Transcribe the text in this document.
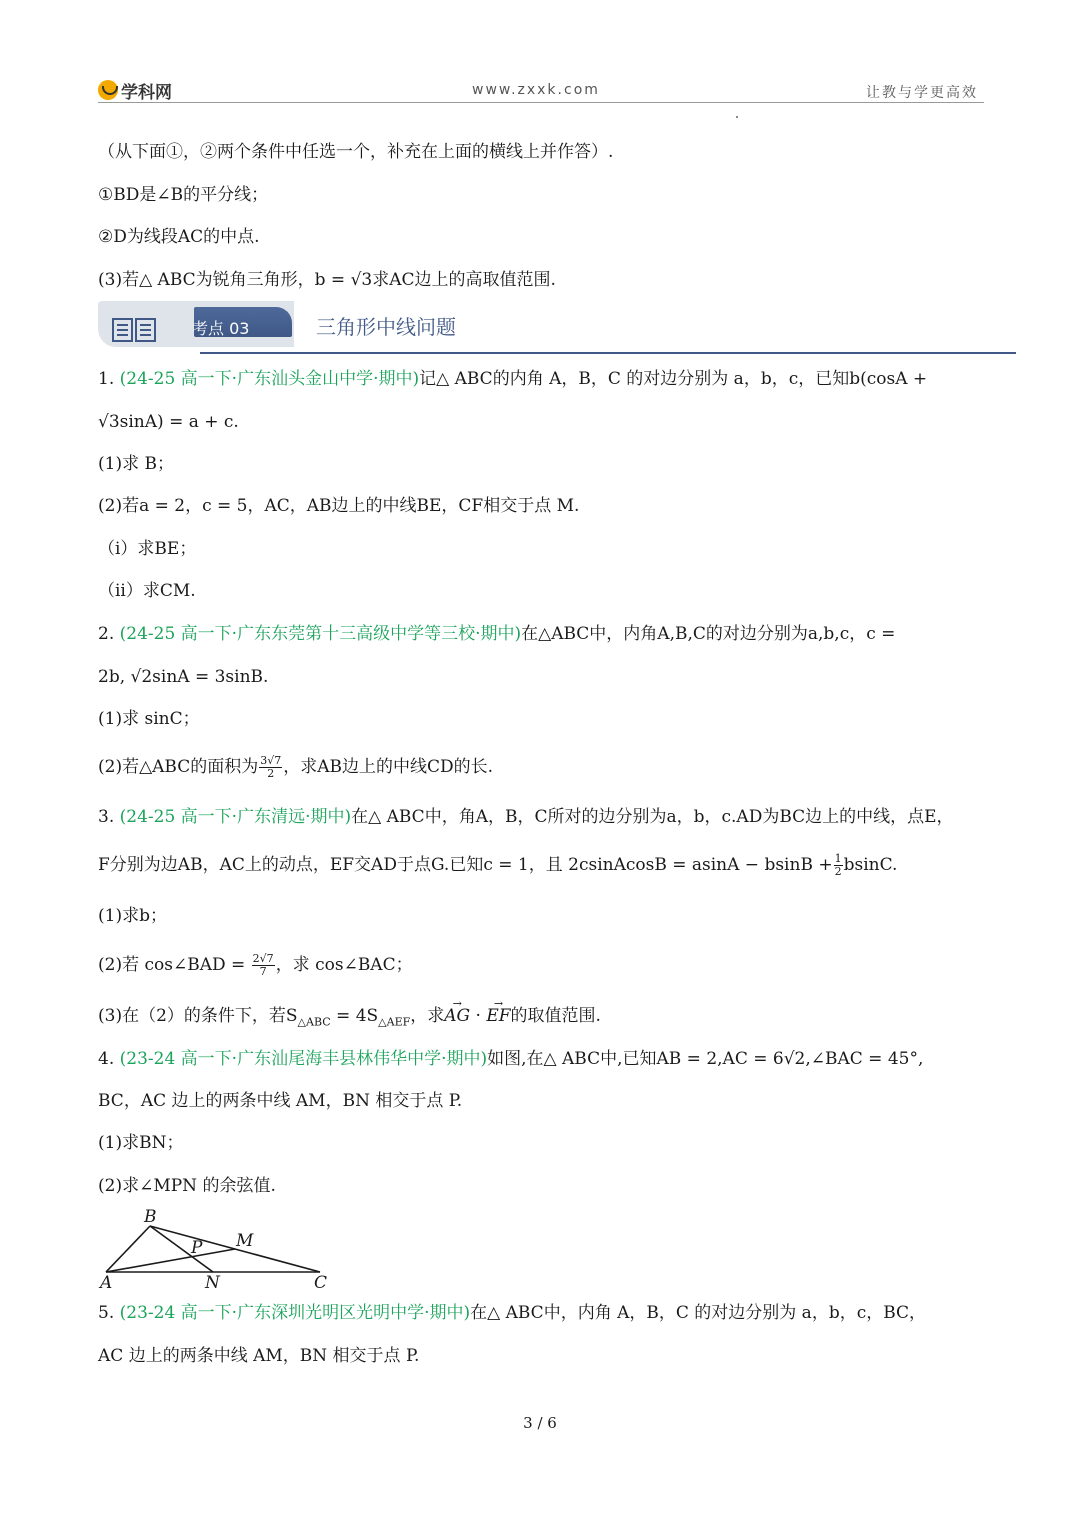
学科网	www.zxxk.com	让教与学更高效
（从下面①，②两个条件中任选一个，补充在上面的横线上并作答）.
①BD是∠B的平分线；
②D为线段AC的中点.
(3)若△ ABC为锐角三角形，b = √3求AC边上的高取值范围.
考点 03	三角形中线问题
1. (24-25 高一下·广东汕头金山中学·期中)记△ ABC的内角 A，B，C 的对边分别为 a，b，c，已知b(cosA +
√3sinA) = a + c.
(1)求 B；
(2)若a = 2，c = 5，AC，AB边上的中线BE，CF相交于点 M.
（i）求BE；
（ii）求CM.
2. (24-25 高一下·广东东莞第十三高级中学等三校·期中)在△ABC中，内角A,B,C的对边分别为a,b,c，c =
2b, √2sinA = 3sinB.
(1)求 sinC；
(2)若△ABC的面积为 $\frac{3√7}{2}$ ，求AB边上的中线CD的长.
3. (24-25 高一下·广东清远·期中)在△ ABC中，角A，B，C所对的边分别为a，b，c.AD为BC边上的中线，点E，
F分别为边AB，AC上的动点，EF交AD于点G.已知c = 1，且 2csinAcosB = $asinA - bsinB + \frac{1}{2} bsinC$.
(1)求b；
(2)若 cos∠BAD = $\frac{2√7}{7}$ ，求 cos∠BAC；
(3)在（2）的条件下，若$S_{\triangle ABC} = 4S_{\triangle AEF}$，求→ AG · → EF的取值范围.
4. (23-24 高一下·广东汕尾海丰县林伟华中学·期中)如图,在△ ABC中,已知AB = 2,AC = 6√2,∠BAC = 45°,
BC，AC 边上的两条中线 AM，BN 相交于点 P.
(1)求BN；
(2)求∠MPN 的余弦值.
B
M
P
A	N	C
5. (23-24 高一下·广东深圳光明区光明中学·期中)在△ ABC中，内角 A，B，C 的对边分别为 a，b，c，BC，
AC 边上的两条中线 AM，BN 相交于点 P.
3 / 6
